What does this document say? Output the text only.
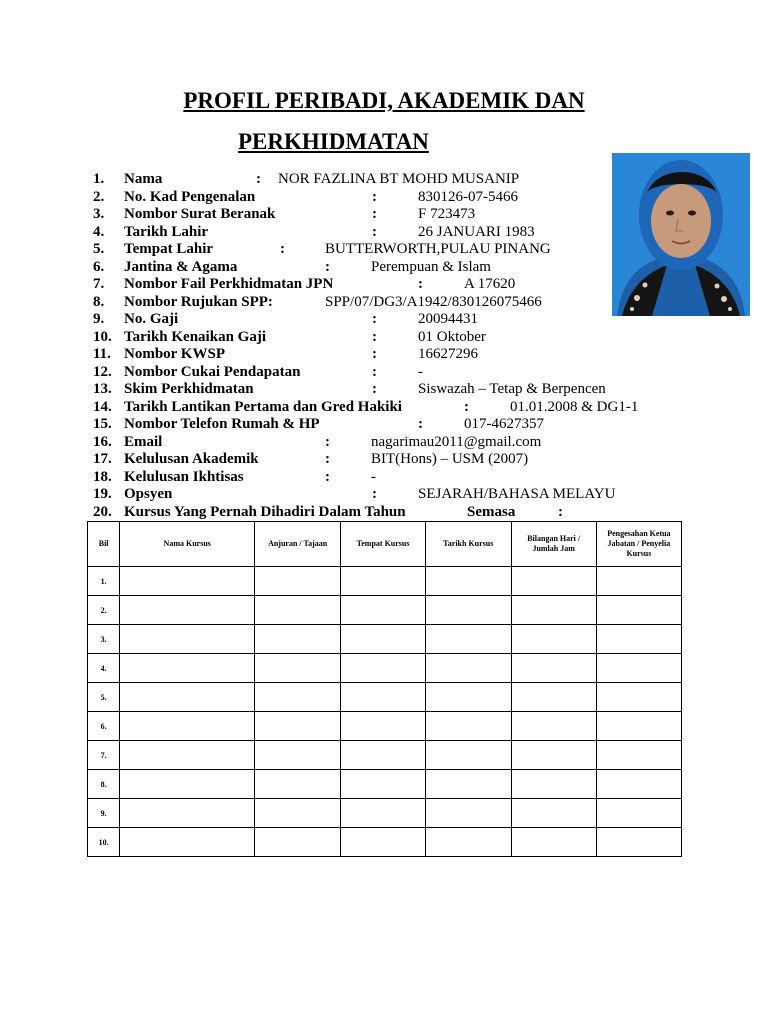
PROFIL PERIBADI, AKADEMIK DAN
PERKHIDMATAN
1. Nama	: NOR FAZLINA BT MOHD MUSANIP
2. No. Kad Pengenalan	:	830126-07-5466
3. Nombor Surat Beranak	:	F 723473
4. Tarikh Lahir	:	26 JANUARI 1983
5. Tempat Lahir	:	BUTTERWORTH,PULAU PINANG
6. Jantina & Agama	:	Perempuan & Islam
7. Nombor Fail Perkhidmatan JPN	:	A 17620
8. Nombor Rujukan SPP:	SPP/07/DG3/A1942/830126075466
9. No. Gaji	:	20094431
10. Tarikh Kenaikan Gaji	:	01 Oktober
11. Nombor KWSP	:	16627296
12. Nombor Cukai Pendapatan	:	-
13. Skim Perkhidmatan	:	Siswazah – Tetap & Berpencen
14. Tarikh Lantikan Pertama dan Gred Hakiki	:	01.01.2008 & DG1-1
15. Nombor Telefon Rumah & HP	:	017-4627357
16. Email	:	nagarimau2011@gmail.com
17. Kelulusan Akademik	:	BIT(Hons) – USM (2007)
18. Kelulusan Ikhtisas	:	-
19. Opsyen	:	SEJARAH/BAHASA MELAYU
20. Kursus Yang Pernah Dihadiri Dalam Tahun	:
Semasa
Bil	Nama Kursus	Anjuran / Tajaan	Tempat Kursus	Tarikh Kursus	Bilangan Hari / Jumlah Jam	Pengesahan Ketua Jabatan / Penyelia Kursus
1.						
2.						
3.						
4.						
5.						
6.						
7.						
8.						
9.						
10.						
